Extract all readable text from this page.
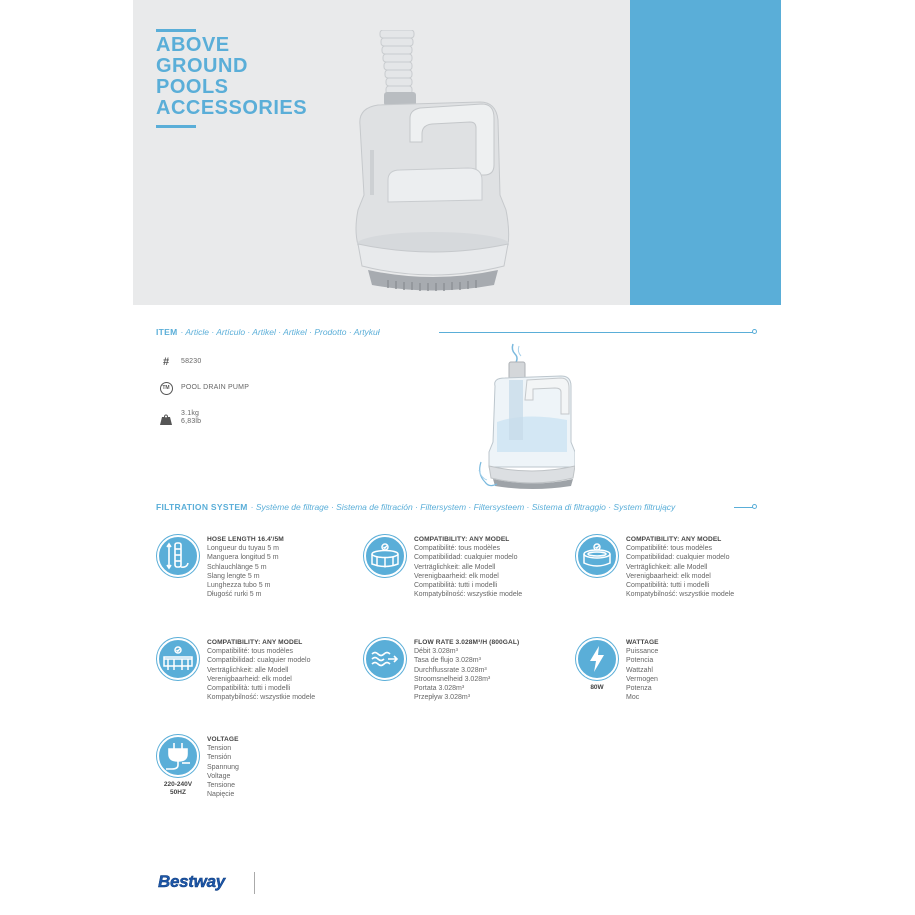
ABOVE
GROUND
POOLS
ACCESSORIES
ITEM · Article · Artículo · Artikel · Artikel · Prodotto · Artykuł
#	58230
TM	POOL DRAIN PUMP
3.1kg
6,83lb
FILTRATION SYSTEM · Système de filtrage · Sistema de filtración · Filtersystem · Filtersysteem · Sistema di filtraggio · System filtrujący
HOSE LENGTH 16.4'/5M
Longueur du tuyau 5 m
Manguera longitud 5 m
Schlauchlänge 5 m
Slang lengte 5 m
Lunghezza tubo 5 m
Długość rurki 5 m
COMPATIBILITY: ANY MODEL
Compatibilité: tous modèles
Compatibilidad: cualquier modelo
Verträglichkeit: alle Modell
Verenigbaarheid: elk model
Compatibilità: tutti i modelli
Kompatybilność: wszystkie modele
COMPATIBILITY: ANY MODEL
Compatibilité: tous modèles
Compatibilidad: cualquier modelo
Verträglichkeit: alle Modell
Verenigbaarheid: elk model
Compatibilità: tutti i modelli
Kompatybilność: wszystkie modele
COMPATIBILITY: ANY MODEL
Compatibilité: tous modèles
Compatibilidad: cualquier modelo
Verträglichkeit: alle Modell
Verenigbaarheid: elk model
Compatibilità: tutti i modelli
Kompatybilność: wszystkie modele
FLOW RATE 3.028M³/H (800GAL)
Débit 3.028m³
Tasa de flujo 3.028m³
Durchflussrate 3.028m³
Stroomsnelheid 3.028m³
Portata 3.028m³
Przepływ 3.028m³
80W
WATTAGE
Puissance
Potencia
Wattzahl
Vermogen
Potenza
Moc
220-240V
50HZ
VOLTAGE
Tension
Tensión
Spannung
Voltage
Tensione
Napięcie
Bestway
